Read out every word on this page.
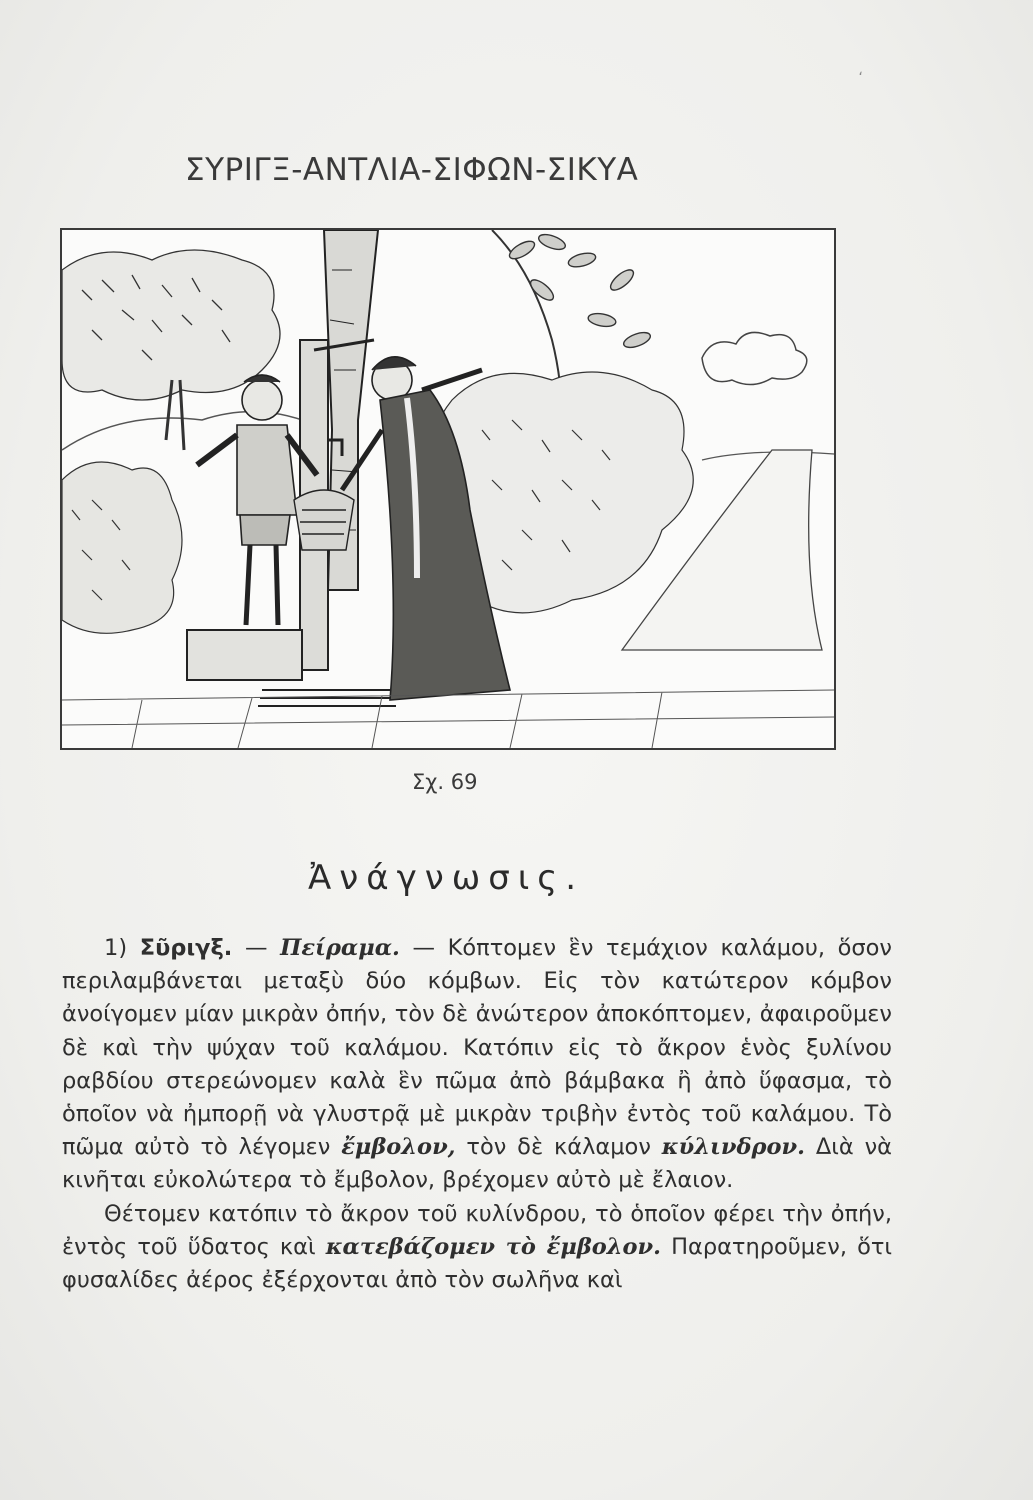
ʻ
ΣΥΡΙΓΞ-ΑΝΤΛΙΑ-ΣΙΦΩΝ-ΣΙΚΥΑ
Σχ. 69
Ἀνάγνωσις.

1) Σῦριγξ. — Πείραμα. — Κόπτομεν ἓν τεμάχιον καλάμου, ὅσον περιλαμβάνεται μεταξὺ δύο κόμβων. Εἰς τὸν κατώτερον κόμβον ἀνοίγομεν μίαν μικρὰν ὀπήν, τὸν δὲ ἀνώτερον ἀποκόπτομεν, ἀφαιροῦμεν δὲ καὶ τὴν ψύχαν τοῦ καλάμου. Κατόπιν εἰς τὸ ἄκρον ἑνὸς ξυλίνου ραβδίου στερεώνομεν καλὰ ἓν πῶμα ἀπὸ βάμβακα ἢ ἀπὸ ὕφασμα, τὸ ὁποῖον νὰ ἠμπορῇ νὰ γλυστρᾷ μὲ μικρὰν τριβὴν ἐντὸς τοῦ καλάμου. Τὸ πῶμα αὐτὸ τὸ λέγομεν ἔμβολον, τὸν δὲ κάλαμον κύλινδρον. Διὰ νὰ κινῆται εὐκολώτερα τὸ ἔμβολον, βρέχομεν αὐτὸ μὲ ἔλαιον.

Θέτομεν κατόπιν τὸ ἄκρον τοῦ κυλίνδρου, τὸ ὁποῖον φέρει τὴν ὀπήν, ἐντὸς τοῦ ὕδατος καὶ κατεβάζομεν τὸ ἔμβολον. Παρατηροῦμεν, ὅτι φυσαλίδες ἀέρος ἐξέρχονται ἀπὸ τὸν σωλῆνα καὶ
